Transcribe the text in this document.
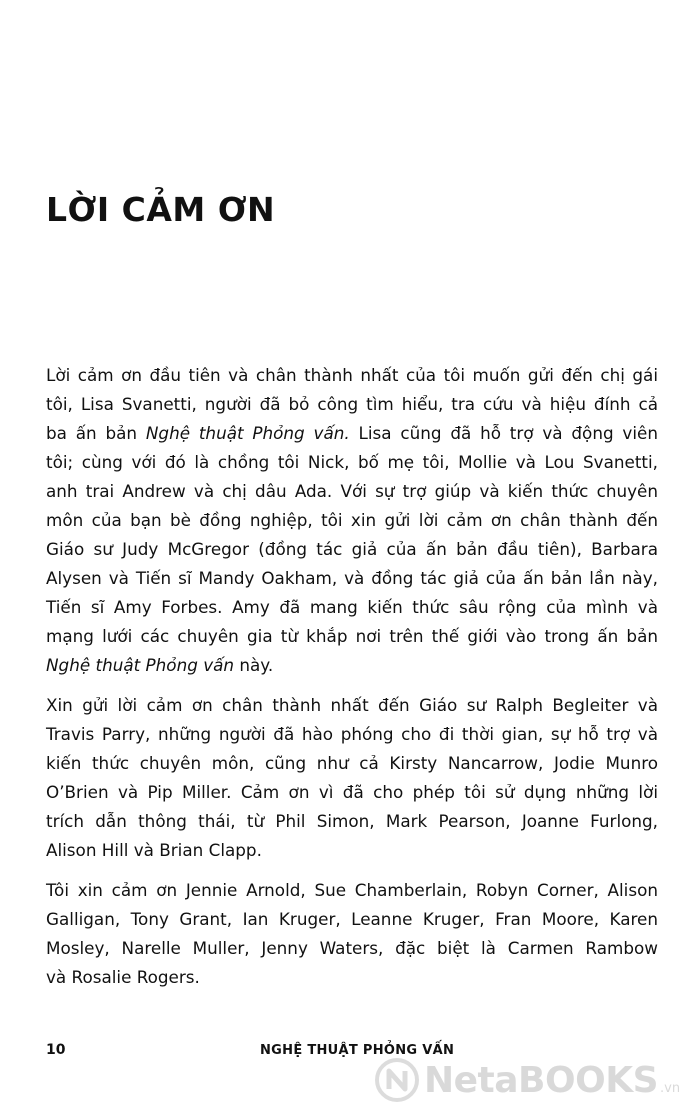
LỜI CẢM ƠN
Lời cảm ơn đầu tiên và chân thành nhất của tôi muốn gửi đến chị gái
tôi, Lisa Svanetti, người đã bỏ công tìm hiểu, tra cứu và hiệu đính cả
ba ấn bản Nghệ thuật Phỏng vấn. Lisa cũng đã hỗ trợ và động viên
tôi; cùng với đó là chồng tôi Nick, bố mẹ tôi, Mollie và Lou Svanetti,
anh trai Andrew và chị dâu Ada. Với sự trợ giúp và kiến thức chuyên
môn của bạn bè đồng nghiệp, tôi xin gửi lời cảm ơn chân thành đến
Giáo sư Judy McGregor (đồng tác giả của ấn bản đầu tiên), Barbara
Alysen và Tiến sĩ Mandy Oakham, và đồng tác giả của ấn bản lần này,
Tiến sĩ Amy Forbes. Amy đã mang kiến thức sâu rộng của mình và
mạng lưới các chuyên gia từ khắp nơi trên thế giới vào trong ấn bản
Nghệ thuật Phỏng vấn này.
Xin gửi lời cảm ơn chân thành nhất đến Giáo sư Ralph Begleiter và
Travis Parry, những người đã hào phóng cho đi thời gian, sự hỗ trợ và
kiến thức chuyên môn, cũng như cả Kirsty Nancarrow, Jodie Munro
O’Brien và Pip Miller. Cảm ơn vì đã cho phép tôi sử dụng những lời
trích dẫn thông thái, từ Phil Simon, Mark Pearson, Joanne Furlong,
Alison Hill và Brian Clapp.
Tôi xin cảm ơn Jennie Arnold, Sue Chamberlain, Robyn Corner, Alison
Galligan, Tony Grant, Ian Kruger, Leanne Kruger, Fran Moore, Karen
Mosley, Narelle Muller, Jenny Waters, đặc biệt là Carmen Rambow
và Rosalie Rogers.
10	NGHỆ THUẬT PHỎNG VẤN
NetaBOOKS .vn
